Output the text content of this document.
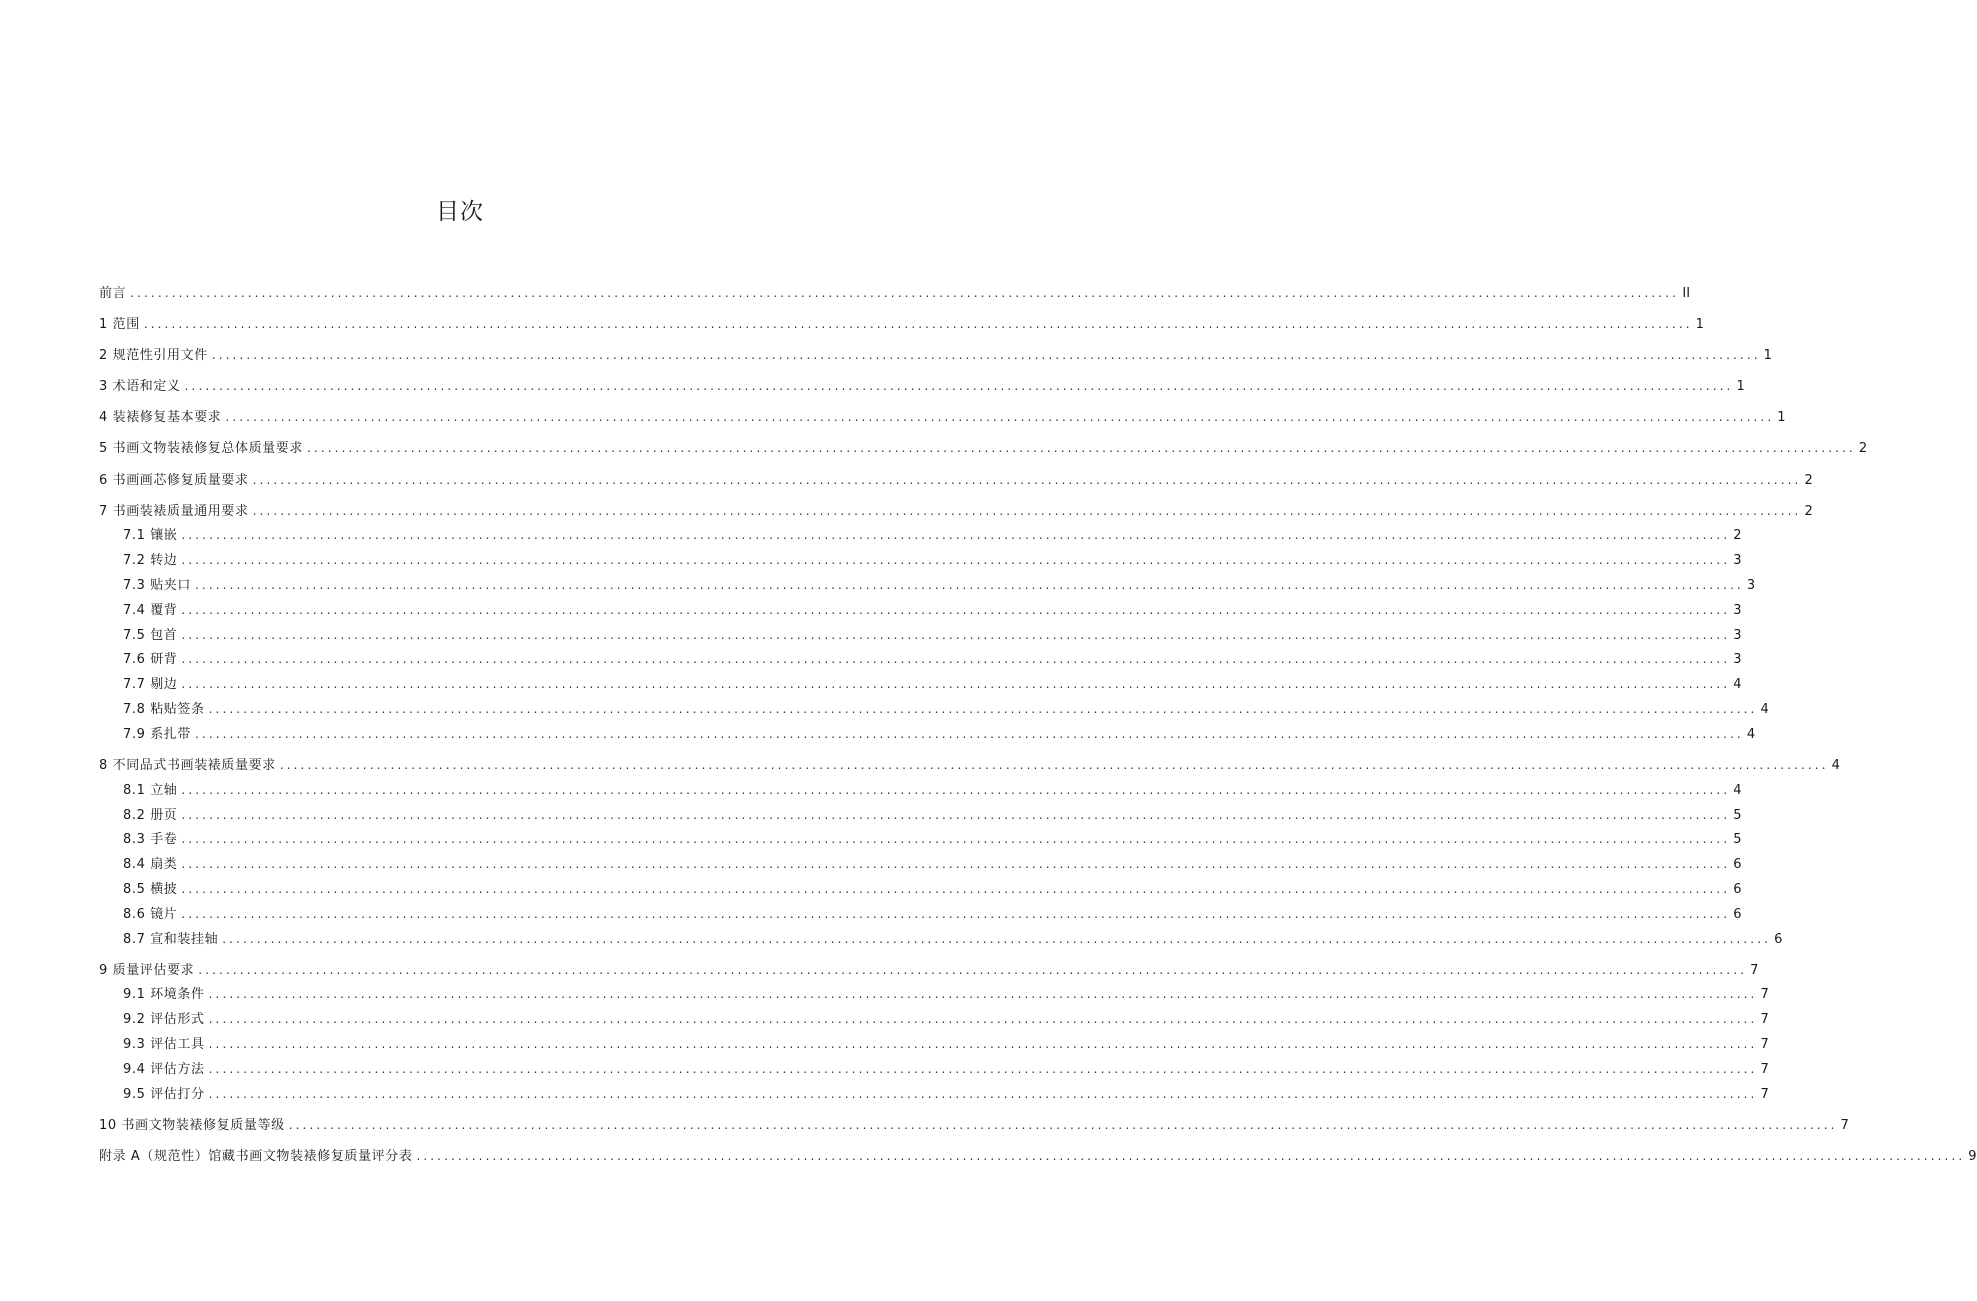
目次
前言 ................................................................................................................................................................................................................................ II
1 范围 ................................................................................................................................................................................................................................ 1
2 规范性引用文件 ................................................................................................................................................................................................................................ 1
3 术语和定义 ................................................................................................................................................................................................................................ 1
4 装裱修复基本要求 ................................................................................................................................................................................................................................ 1
5 书画文物装裱修复总体质量要求 ................................................................................................................................................................................................................................ 2
6 书画画芯修复质量要求 ................................................................................................................................................................................................................................ 2
7 书画装裱质量通用要求 ................................................................................................................................................................................................................................ 2
7.1 镶嵌 ................................................................................................................................................................................................................................ 2
7.2 转边 ................................................................................................................................................................................................................................ 3
7.3 贴夹口 ................................................................................................................................................................................................................................ 3
7.4 覆背 ................................................................................................................................................................................................................................ 3
7.5 包首 ................................................................................................................................................................................................................................ 3
7.6 研背 ................................................................................................................................................................................................................................ 3
7.7 剔边 ................................................................................................................................................................................................................................ 4
7.8 粘贴签条 ................................................................................................................................................................................................................................ 4
7.9 系扎带 ................................................................................................................................................................................................................................ 4
8 不同品式书画装裱质量要求 ................................................................................................................................................................................................................................ 4
8.1 立轴 ................................................................................................................................................................................................................................ 4
8.2 册页 ................................................................................................................................................................................................................................ 5
8.3 手卷 ................................................................................................................................................................................................................................ 5
8.4 扇类 ................................................................................................................................................................................................................................ 6
8.5 横披 ................................................................................................................................................................................................................................ 6
8.6 镜片 ................................................................................................................................................................................................................................ 6
8.7 宣和装挂轴 ................................................................................................................................................................................................................................ 6
9 质量评估要求 ................................................................................................................................................................................................................................ 7
9.1 环境条件 ................................................................................................................................................................................................................................ 7
9.2 评估形式 ................................................................................................................................................................................................................................ 7
9.3 评估工具 ................................................................................................................................................................................................................................ 7
9.4 评估方法 ................................................................................................................................................................................................................................ 7
9.5 评估打分 ................................................................................................................................................................................................................................ 7
10 书画文物装裱修复质量等级 ................................................................................................................................................................................................................................ 7
附录 A（规范性）馆藏书画文物装裱修复质量评分表 ................................................................................................................................................................................................................................ 9
